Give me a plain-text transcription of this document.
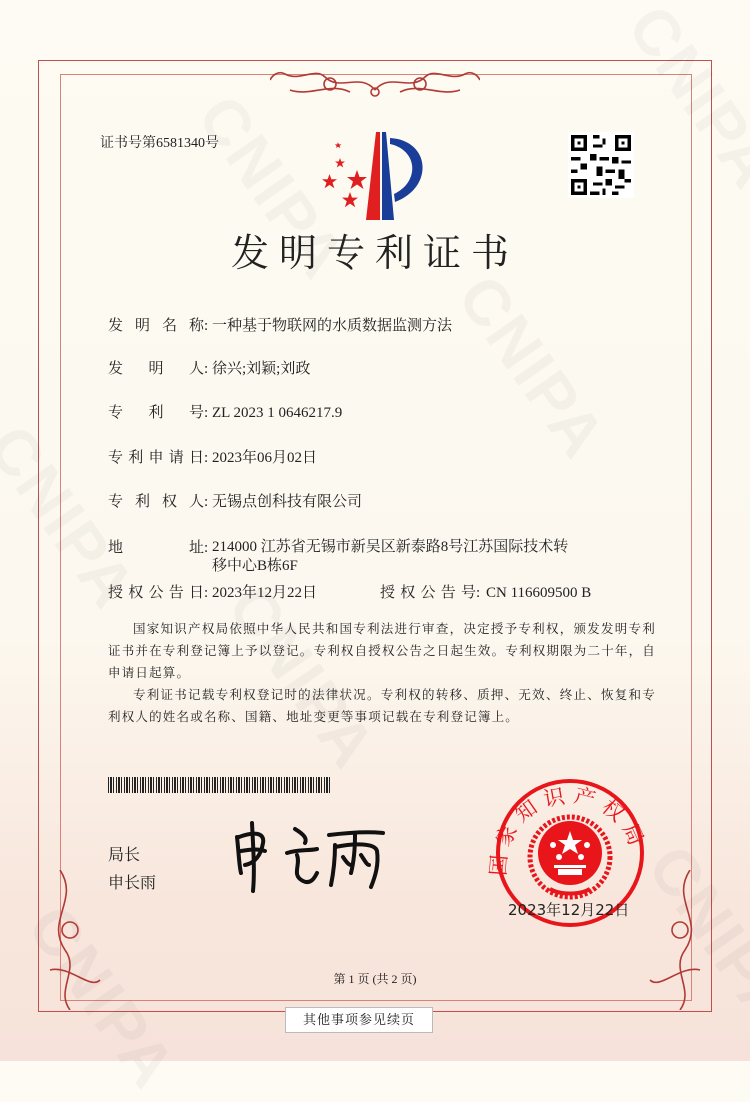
证书号第6581340号
发明专利证书
发明名称 : 一种基于物联网的水质数据监测方法
发明人 : 徐兴;刘颖;刘政
专利号 : ZL 2023 1 0646217.9
专利申请日 : 2023年06月02日
专利权人 : 无锡点创科技有限公司
地址 : 214000 江苏省无锡市新吴区新泰路8号江苏国际技术转
移中心B栋6F
授权公告日 : 2023年12月22日	授权公告号 : CN 116609500 B
国家知识产权局依照中华人民共和国专利法进行审查，决定授予专利权，颁发发明专利证书并在专利登记簿上予以登记。专利权自授权公告之日起生效。专利权期限为二十年，自申请日起算。
专利证书记载专利权登记时的法律状况。专利权的转移、质押、无效、终止、恢复和专利权人的姓名或名称、国籍、地址变更等事项记载在专利登记簿上。
局长
申长雨
国家知识产权局
2023年12月22日
第 1 页 (共 2 页)
其他事项参见续页
